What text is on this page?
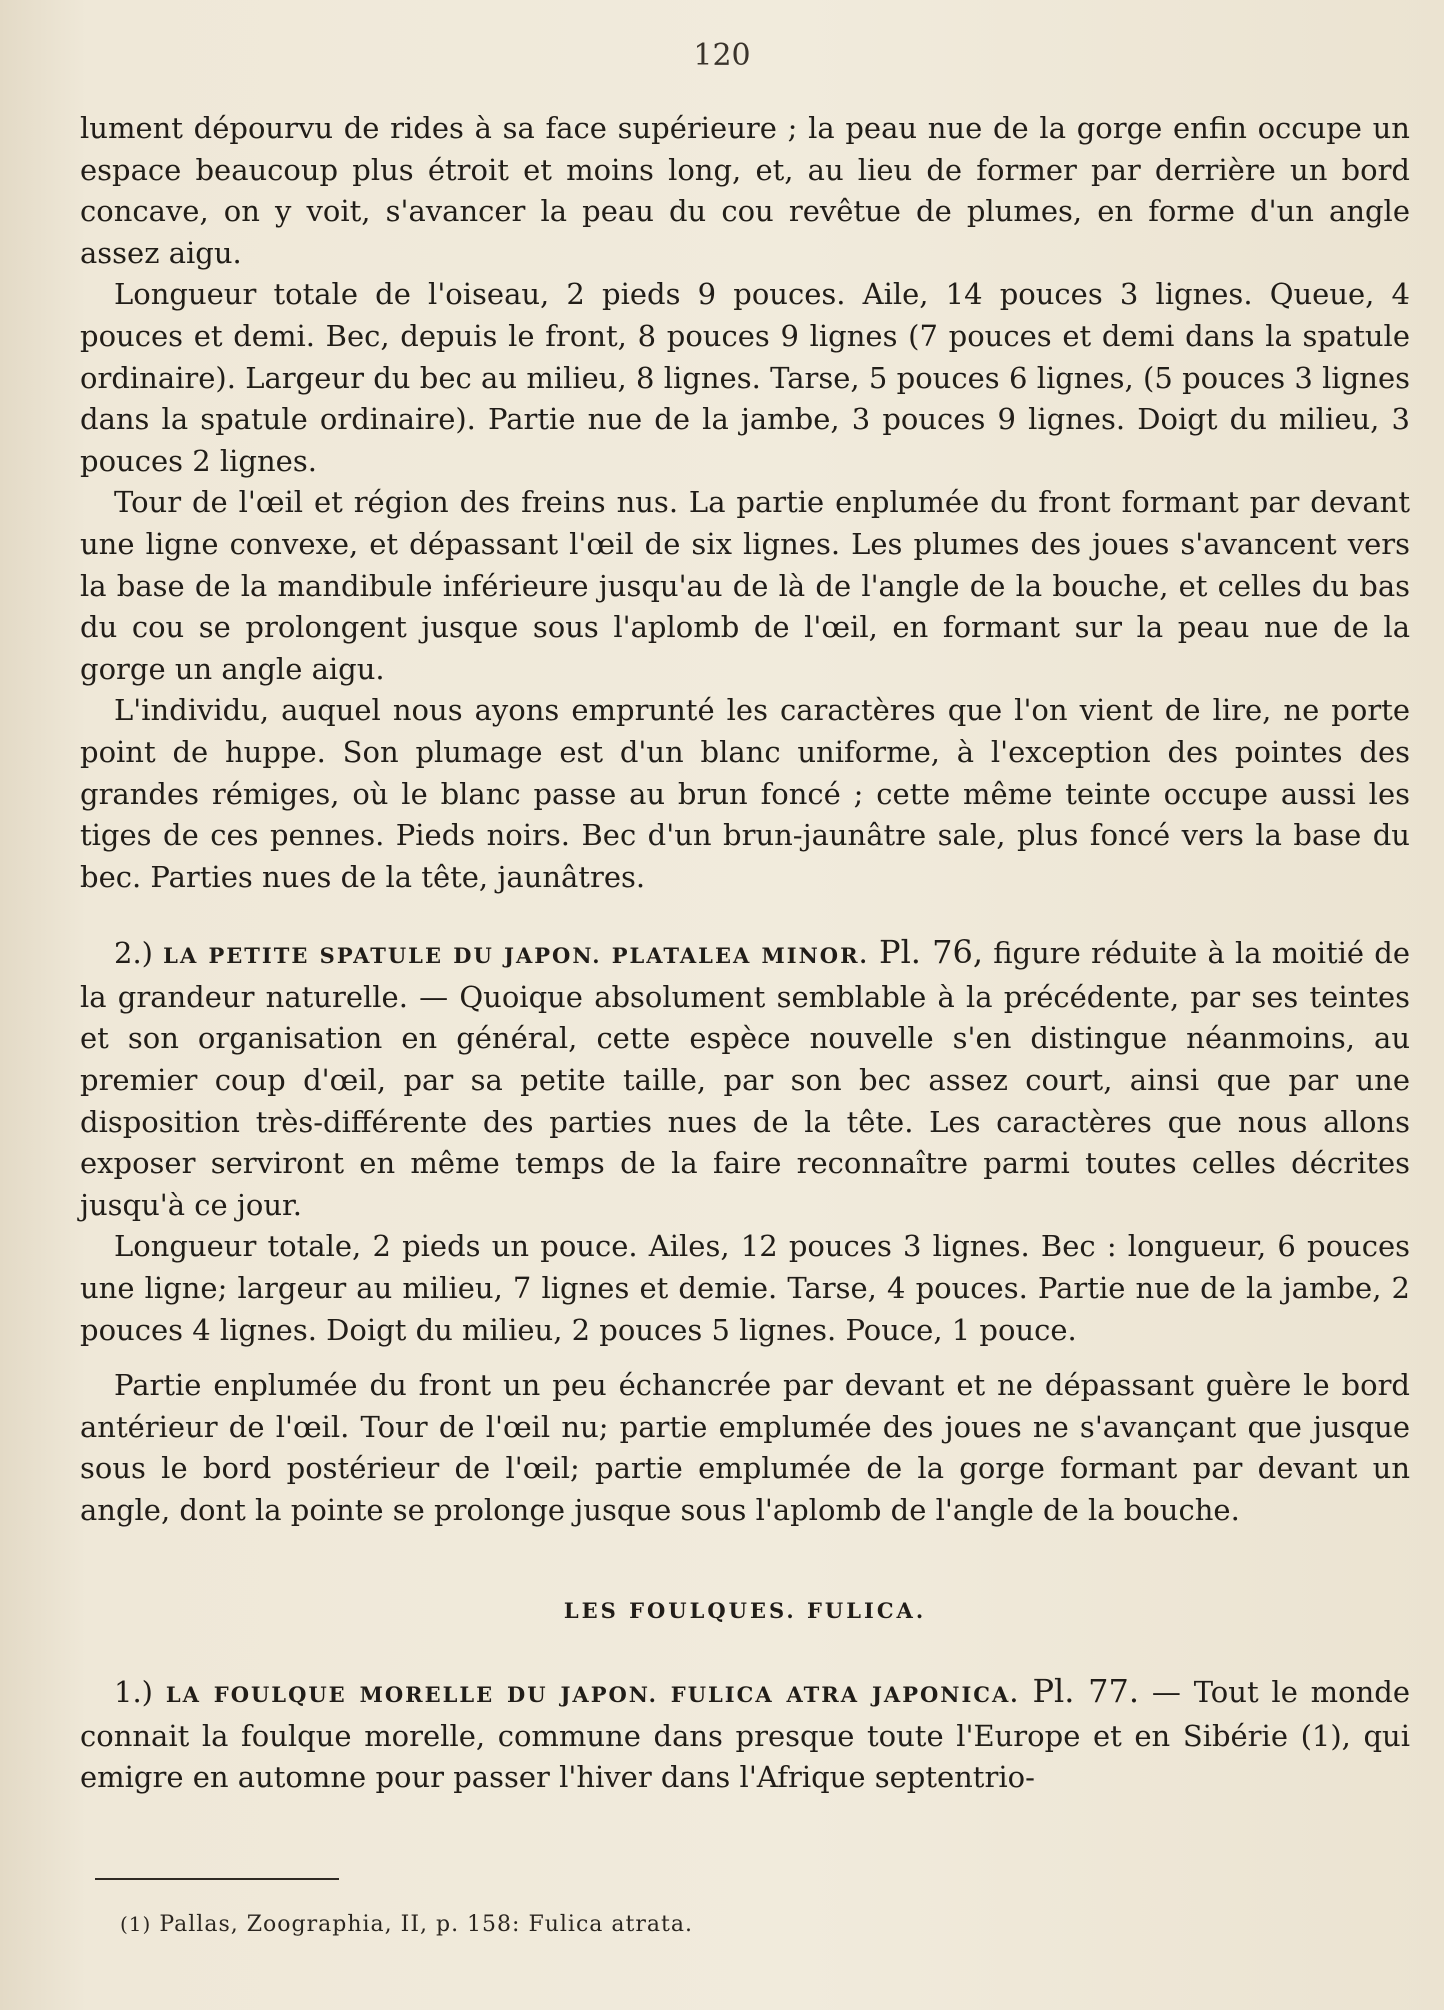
120

lument dépourvu de rides à sa face supérieure ; la peau nue de la gorge enfin occupe un espace beaucoup plus étroit et moins long, et, au lieu de former par derrière un bord concave, on y voit, s'avancer la peau du cou revêtue de plumes, en forme d'un angle assez aigu.

Longueur totale de l'oiseau, 2 pieds 9 pouces. Aile, 14 pouces 3 lignes. Queue, 4 pouces et demi. Bec, depuis le front, 8 pouces 9 lignes (7 pouces et demi dans la spatule ordinaire). Largeur du bec au milieu, 8 lignes. Tarse, 5 pouces 6 lignes, (5 pouces 3 lignes dans la spatule ordinaire). Partie nue de la jambe, 3 pouces 9 lignes. Doigt du milieu, 3 pouces 2 lignes.

Tour de l'œil et région des freins nus. La partie enplumée du front formant par devant une ligne convexe, et dépassant l'œil de six lignes. Les plumes des joues s'avancent vers la base de la mandibule inférieure jusqu'au de là de l'angle de la bouche, et celles du bas du cou se prolongent jusque sous l'aplomb de l'œil, en formant sur la peau nue de la gorge un angle aigu.

L'individu, auquel nous ayons emprunté les caractères que l'on vient de lire, ne porte point de huppe. Son plumage est d'un blanc uniforme, à l'exception des pointes des grandes rémiges, où le blanc passe au brun foncé ; cette même teinte occupe aussi les tiges de ces pennes. Pieds noirs. Bec d'un brun-jaunâtre sale, plus foncé vers la base du bec. Parties nues de la tête, jaunâtres.

2.) LA PETITE SPATULE DU JAPON. PLATALEA MINOR. Pl. 76, figure réduite à la moitié de la grandeur naturelle. — Quoique absolument semblable à la précédente, par ses teintes et son organisation en général, cette espèce nouvelle s'en distingue néanmoins, au premier coup d'œil, par sa petite taille, par son bec assez court, ainsi que par une disposition très-différente des parties nues de la tête. Les caractères que nous allons exposer serviront en même temps de la faire reconnaître parmi toutes celles décrites jusqu'à ce jour.

Longueur totale, 2 pieds un pouce. Ailes, 12 pouces 3 lignes. Bec : longueur, 6 pouces une ligne; largeur au milieu, 7 lignes et demie. Tarse, 4 pouces. Partie nue de la jambe, 2 pouces 4 lignes. Doigt du milieu, 2 pouces 5 lignes. Pouce, 1 pouce.

Partie enplumée du front un peu échancrée par devant et ne dépassant guère le bord antérieur de l'œil. Tour de l'œil nu; partie emplumée des joues ne s'avançant que jusque sous le bord postérieur de l'œil; partie emplumée de la gorge formant par devant un angle, dont la pointe se prolonge jusque sous l'aplomb de l'angle de la bouche.

LES FOULQUES. FULICA.

1.) LA FOULQUE MORELLE DU JAPON. FULICA ATRA JAPONICA. Pl. 77. — Tout le monde connait la foulque morelle, commune dans presque toute l'Europe et en Sibérie (1), qui emigre en automne pour passer l'hiver dans l'Afrique septentrio-

(1) Pallas, Zoographia, II, p. 158: Fulica atrata.
